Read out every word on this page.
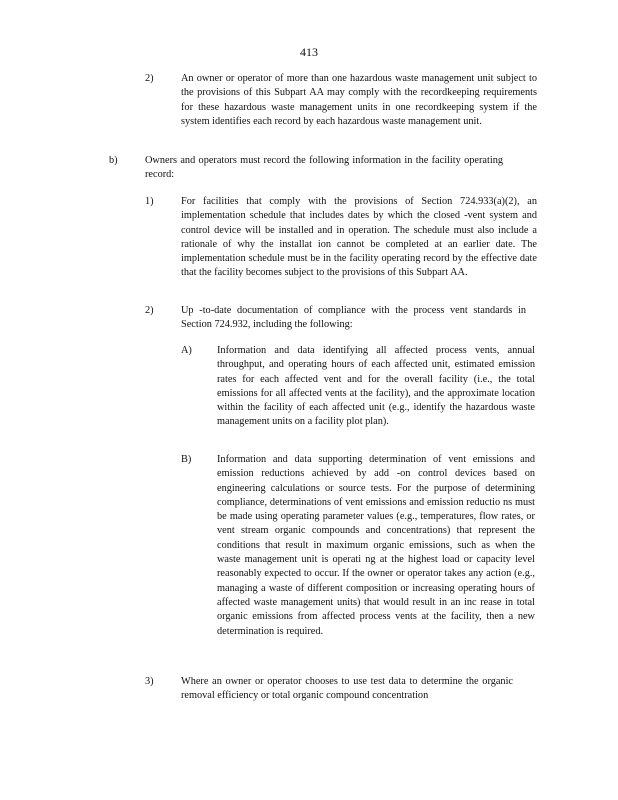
413
2)	An owner or operator of more than one hazardous waste management unit subject to the provisions of this Subpart AA may comply with the recordkeeping requirements for these hazardous waste management units in one recordkeeping system if the system identifies each record by each hazardous waste management unit.
b)	Owners and operators must record the following information in the facility operating record:
1)	For facilities that comply with the provisions of Section 724.933(a)(2), an implementation schedule that includes dates by which the closed -vent system and control device will be installed and in operation. The schedule must also include a rationale of why the installat ion cannot be completed at an earlier date. The implementation schedule must be in the facility operating record by the effective date that the facility becomes subject to the provisions of this Subpart AA.
2)	Up -to-date documentation of compliance with the process vent standards in Section 724.932, including the following:
A) Information and data identifying all affected process vents, annual throughput, and operating hours of each affected unit, estimated emission rates for each affected vent and for the overall facility (i.e., the total emissions for all affected vents at the facility), and the approximate location within the facility of each affected unit (e.g., identify the hazardous waste management units on a facility plot plan).
B) Information and data supporting determination of vent emissions and emission reductions achieved by add -on control devices based on engineering calculations or source tests. For the purpose of determining compliance, determinations of vent emissions and emission reductio ns must be made using operating parameter values (e.g., temperatures, flow rates, or vent stream organic compounds and concentrations) that represent the conditions that result in maximum organic emissions, such as when the waste management unit is operati ng at the highest load or capacity level reasonably expected to occur. If the owner or operator takes any action (e.g., managing a waste of different composition or increasing operating hours of affected waste management units) that would result in an inc rease in total organic emissions from affected process vents at the facility, then a new determination is required.
3)	Where an owner or operator chooses to use test data to determine the organic removal efficiency or total organic compound concentration
